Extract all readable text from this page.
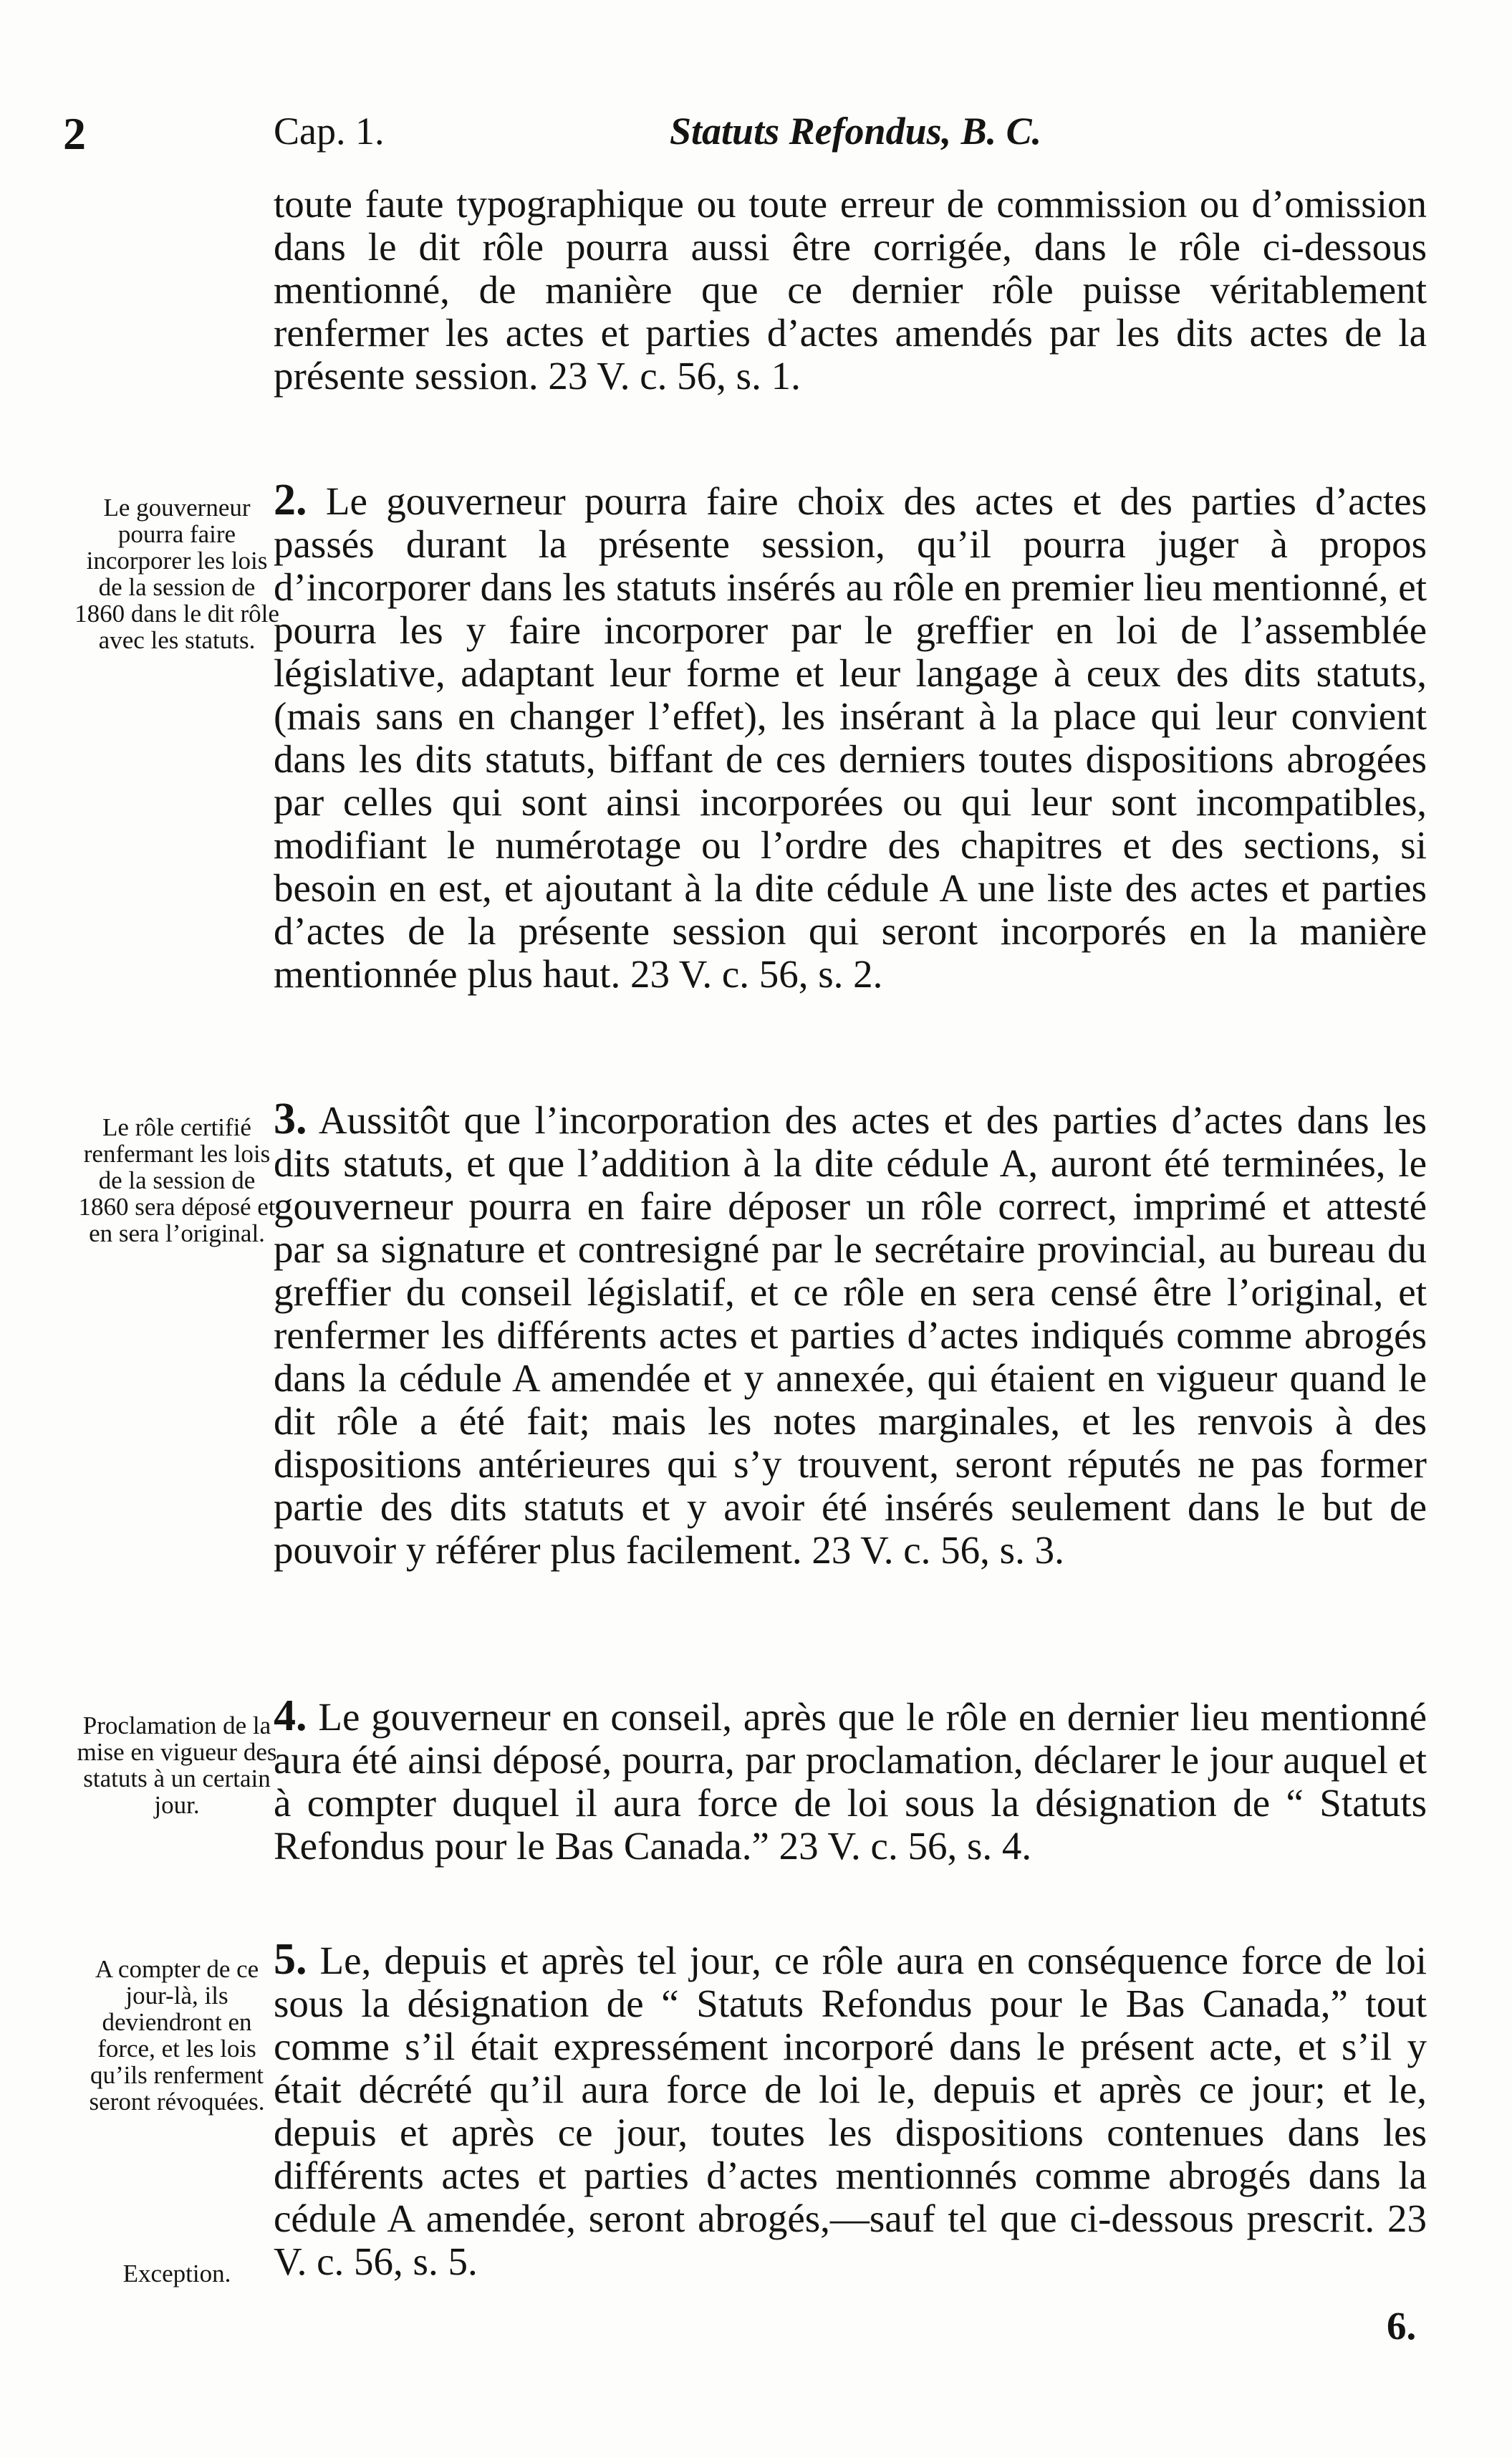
2	Cap. 1.	Statuts Refondus, B. C.
toute faute typographique ou toute erreur de commission ou d’omission dans le dit rôle pourra aussi être corrigée, dans le rôle ci-dessous mentionné, de manière que ce dernier rôle puisse véritablement renfermer les actes et parties d’actes amendés par les dits actes de la présente session. 23 V. c. 56, s. 1.
Le gouverneur pourra faire incorporer les lois de la session de 1860 dans le dit rôle avec les statuts.
2. Le gouverneur pourra faire choix des actes et des parties d’actes passés durant la présente session, qu’il pourra juger à propos d’incorporer dans les statuts insérés au rôle en premier lieu mentionné, et pourra les y faire incorporer par le greffier en loi de l’assemblée législative, adaptant leur forme et leur langage à ceux des dits statuts, (mais sans en changer l’effet), les insérant à la place qui leur convient dans les dits statuts, biffant de ces derniers toutes dispositions abrogées par celles qui sont ainsi incorporées ou qui leur sont incompatibles, modifiant le numérotage ou l’ordre des chapitres et des sections, si besoin en est, et ajoutant à la dite cédule A une liste des actes et parties d’actes de la présente session qui seront incorporés en la manière mentionnée plus haut. 23 V. c. 56, s. 2.
Le rôle certifié renfermant les lois de la session de 1860 sera déposé et en sera l’original.
3. Aussitôt que l’incorporation des actes et des parties d’actes dans les dits statuts, et que l’addition à la dite cédule A, auront été terminées, le gouverneur pourra en faire déposer un rôle correct, imprimé et attesté par sa signature et contresigné par le secrétaire provincial, au bureau du greffier du conseil législatif, et ce rôle en sera censé être l’original, et renfermer les différents actes et parties d’actes indiqués comme abrogés dans la cédule A amendée et y annexée, qui étaient en vigueur quand le dit rôle a été fait; mais les notes marginales, et les renvois à des dispositions antérieures qui s’y trouvent, seront réputés ne pas former partie des dits statuts et y avoir été insérés seulement dans le but de pouvoir y référer plus facilement. 23 V. c. 56, s. 3.
Proclamation de la mise en vigueur des statuts à un certain jour.
4. Le gouverneur en conseil, après que le rôle en dernier lieu mentionné aura été ainsi déposé, pourra, par proclamation, déclarer le jour auquel et à compter duquel il aura force de loi sous la désignation de “ Statuts Refondus pour le Bas Canada.” 23 V. c. 56, s. 4.
A compter de ce jour-là, ils deviendront en force, et les lois qu’ils renferment seront révoquées.
Exception.
5. Le, depuis et après tel jour, ce rôle aura en conséquence force de loi sous la désignation de “ Statuts Refondus pour le Bas Canada,” tout comme s’il était expressément incorporé dans le présent acte, et s’il y était décrété qu’il aura force de loi le, depuis et après ce jour; et le, depuis et après ce jour, toutes les dispositions contenues dans les différents actes et parties d’actes mentionnés comme abrogés dans la cédule A amendée, seront abrogés,—sauf tel que ci-dessous prescrit. 23 V. c. 56, s. 5.
6.
